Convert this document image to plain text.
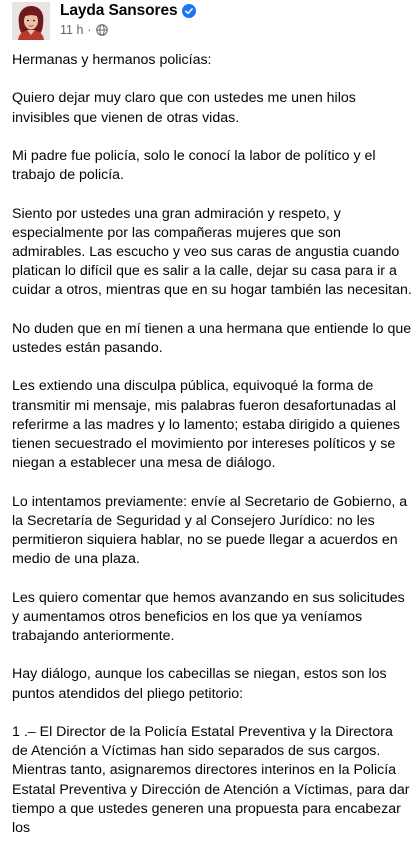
Layda Sansores
11 h ·

Hermanas y hermanos policías:

Quiero dejar muy claro que con ustedes me unen hilos invisibles que vienen de otras vidas.

Mi padre fue policía, solo le conocí la labor de político y el trabajo de policía.

Siento por ustedes una gran admiración y respeto, y especialmente por las compañeras mujeres que son admirables. Las escucho y veo sus caras de angustia cuando platican lo difícil que es salir a la calle, dejar su casa para ir a cuidar a otros, mientras que en su hogar también las necesitan.

No duden que en mí tienen a una hermana que entiende lo que ustedes están pasando.

Les extiendo una disculpa pública, equivoqué la forma de transmitir mi mensaje, mis palabras fueron desafortunadas al referirme a las madres y lo lamento; estaba dirigido a quienes tienen secuestrado el movimiento por intereses políticos y se niegan a establecer una mesa de diálogo.

Lo intentamos previamente: envíe al Secretario de Gobierno, a la Secretaría de Seguridad y al Consejero Jurídico: no les permitieron siquiera hablar, no se puede llegar a acuerdos en medio de una plaza.

Les quiero comentar que hemos avanzando en sus solicitudes y aumentamos otros beneficios en los que ya veníamos trabajando anteriormente.

Hay diálogo, aunque los cabecillas se niegan, estos son los puntos atendidos del pliego petitorio:

1 .– El Director de la Policía Estatal Preventiva y la Directora de Atención a Víctimas han sido separados de sus cargos. Mientras tanto, asignaremos directores interinos en la Policía Estatal Preventiva y Dirección de Atención a Víctimas, para dar tiempo a que ustedes generen una propuesta para encabezar los
